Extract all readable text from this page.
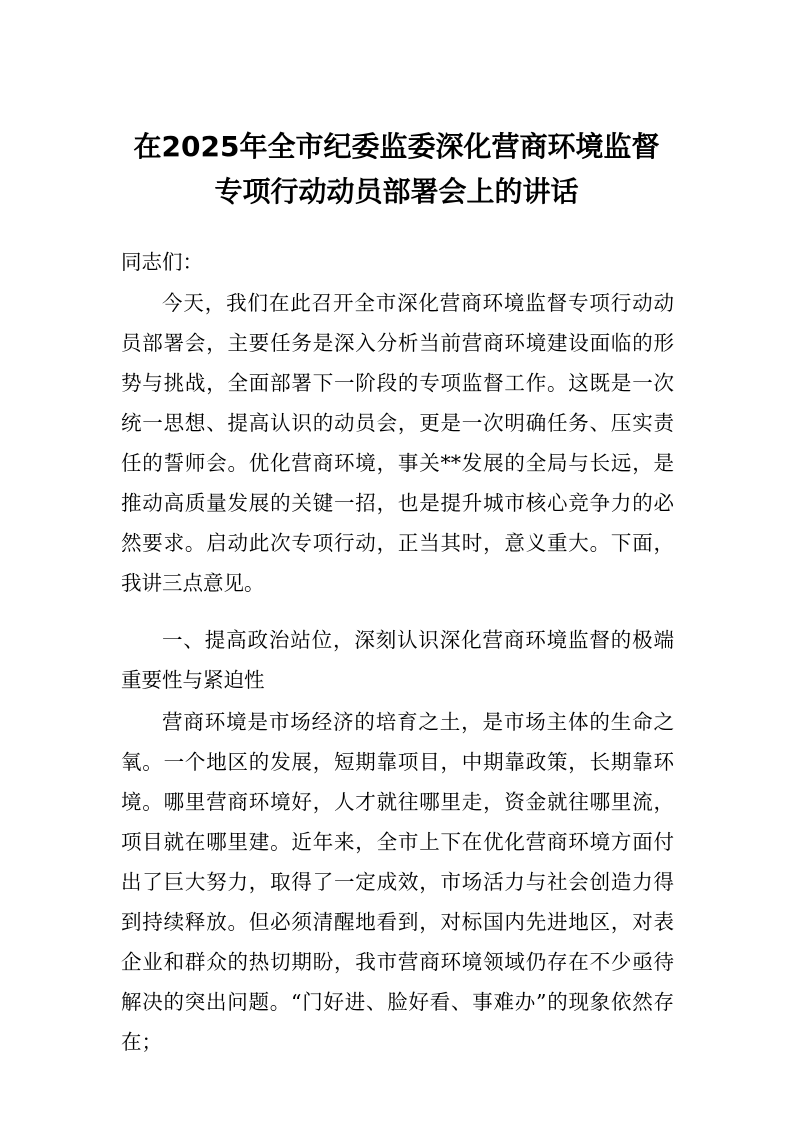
在2025年全市纪委监委深化营商环境监督
专项行动动员部署会上的讲话
同志们：

今天，我们在此召开全市深化营商环境监督专项行动动员部署会，主要任务是深入分析当前营商环境建设面临的形势与挑战，全面部署下一阶段的专项监督工作。这既是一次统一思想、提高认识的动员会，更是一次明确任务、压实责任的誓师会。优化营商环境，事关**发展的全局与长远，是推动高质量发展的关键一招，也是提升城市核心竞争力的必然要求。启动此次专项行动，正当其时，意义重大。下面，我讲三点意见。

一、提高政治站位，深刻认识深化营商环境监督的极端重要性与紧迫性

营商环境是市场经济的培育之土，是市场主体的生命之氧。一个地区的发展，短期靠项目，中期靠政策，长期靠环境。哪里营商环境好，人才就往哪里走，资金就往哪里流，项目就在哪里建。近年来，全市上下在优化营商环境方面付出了巨大努力，取得了一定成效，市场活力与社会创造力得到持续释放。但必须清醒地看到，对标国内先进地区，对表企业和群众的热切期盼，我市营商环境领域仍存在不少亟待解决的突出问题。“门好进、脸好看、事难办”的现象依然存在；
